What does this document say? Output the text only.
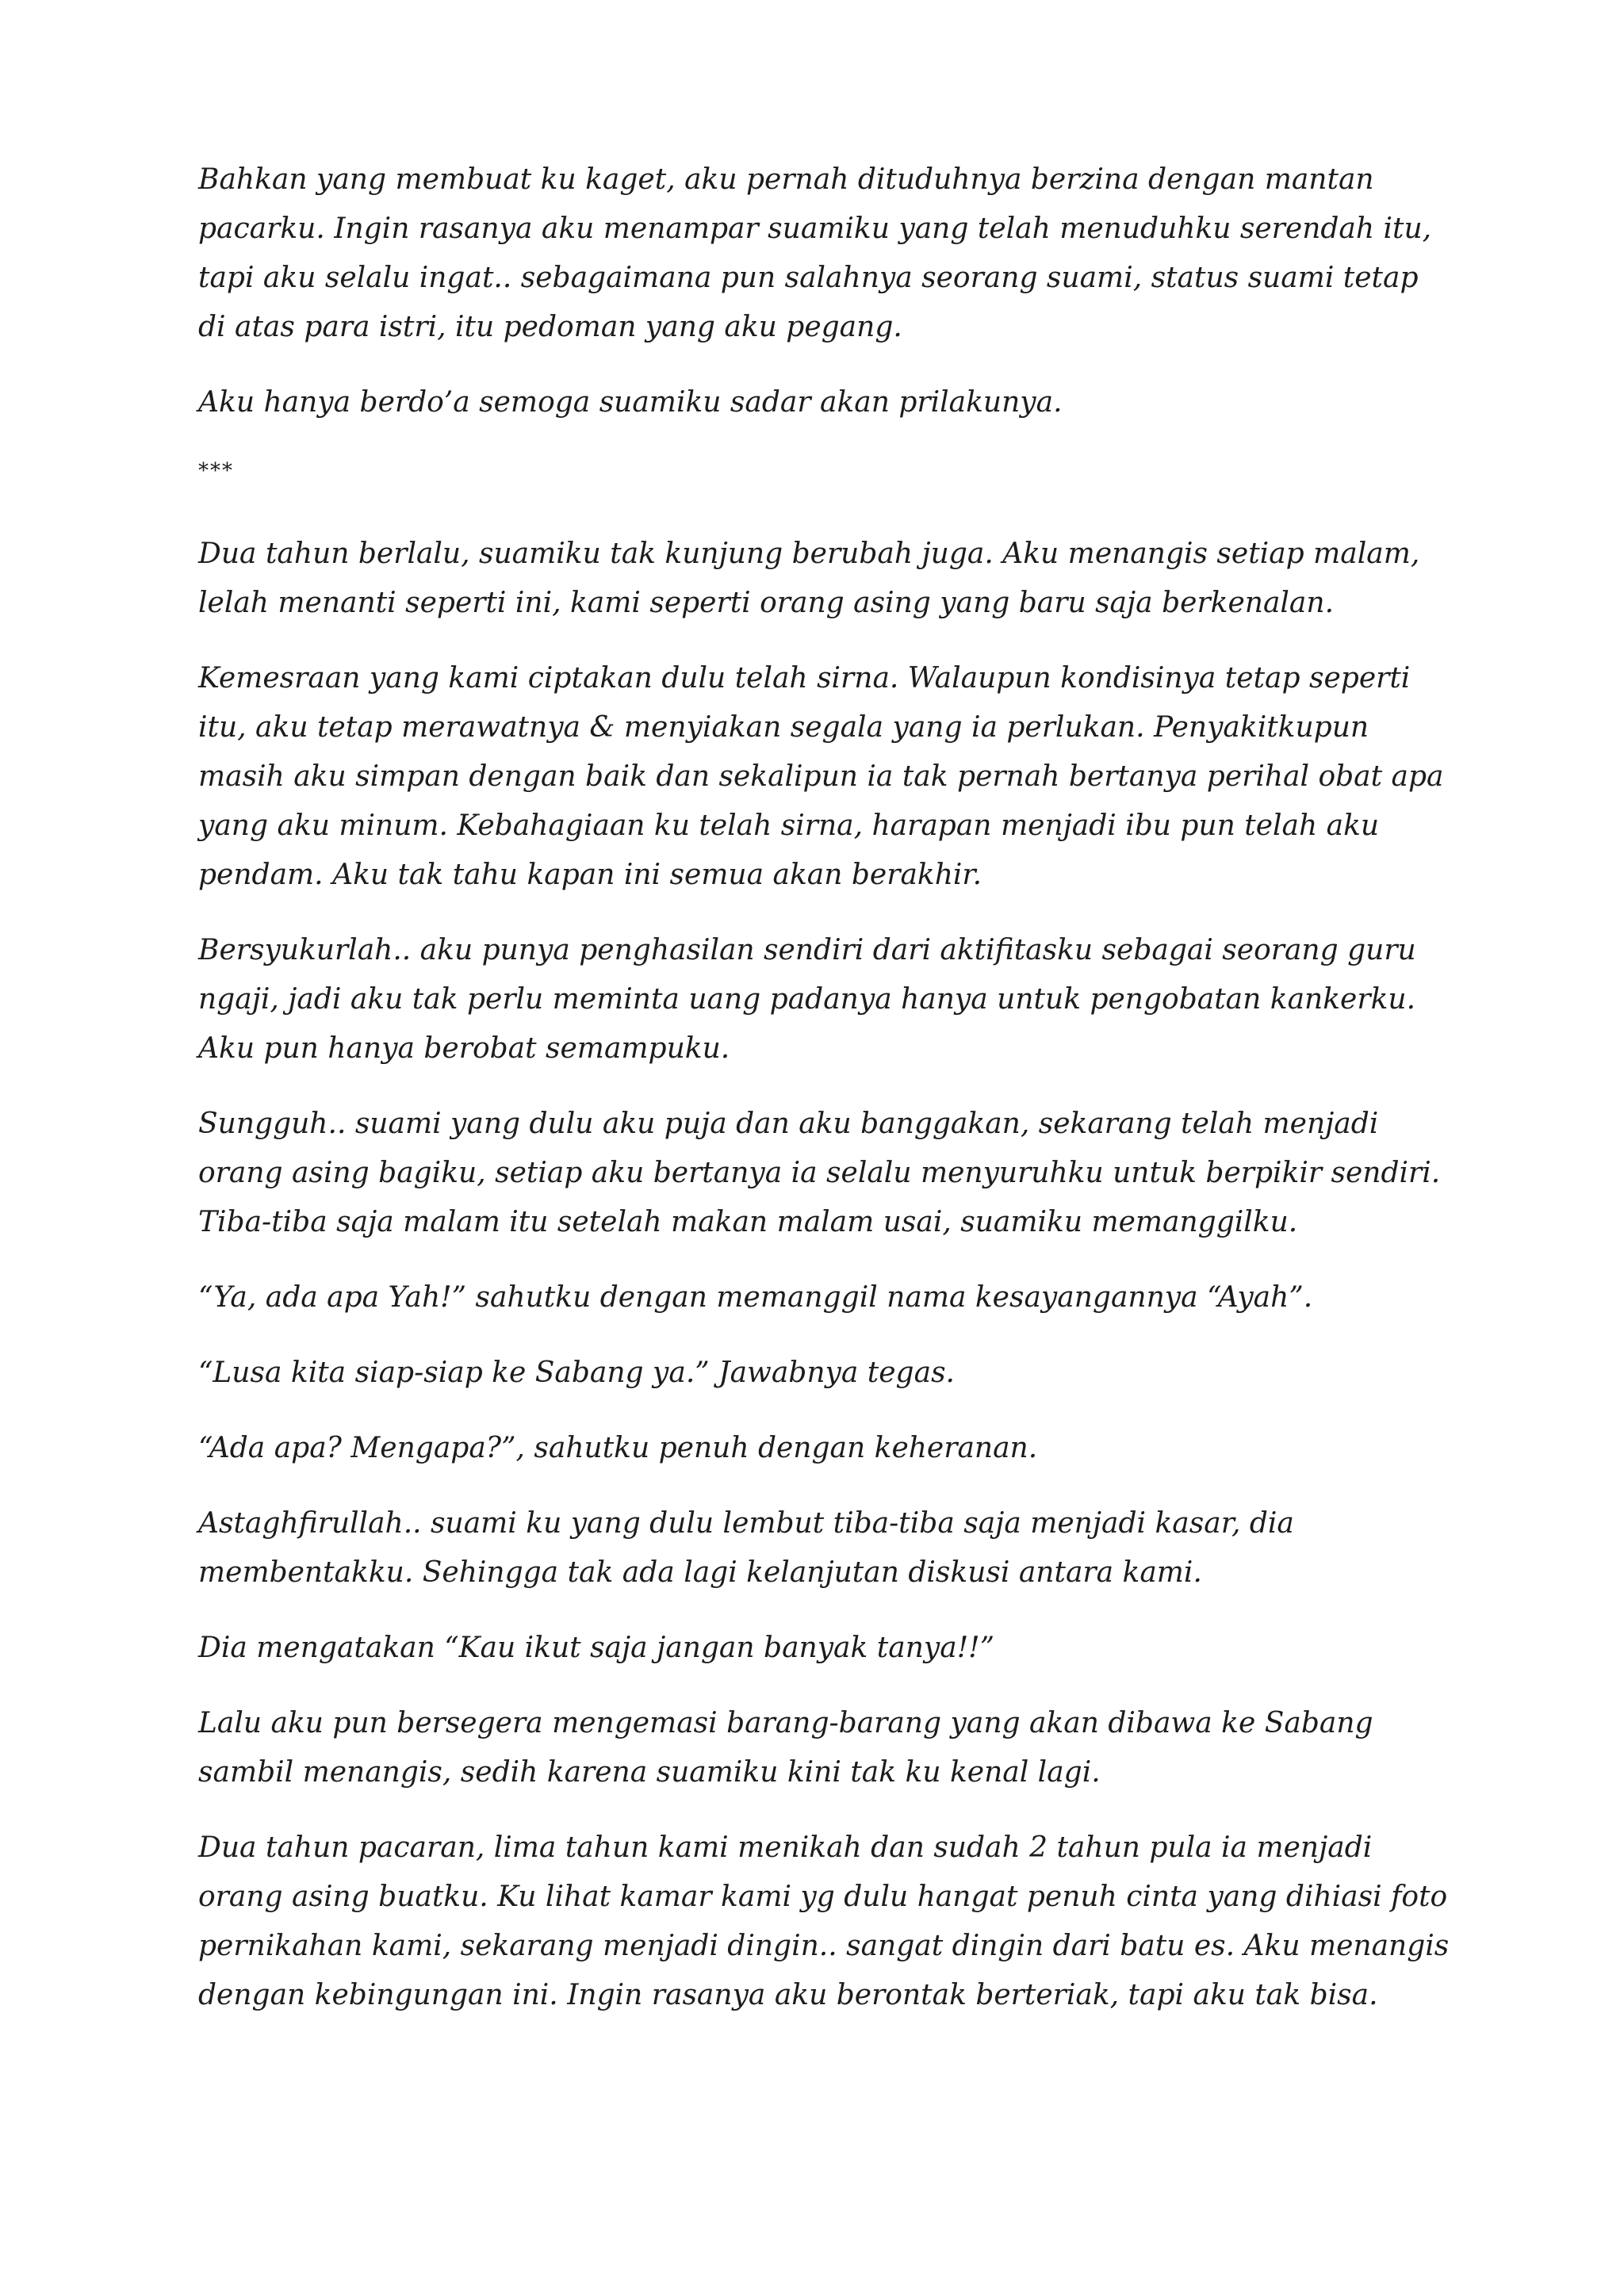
Bahkan yang membuat ku kaget, aku pernah dituduhnya berzina dengan mantan pacarku. Ingin rasanya aku menampar suamiku yang telah menuduhku serendah itu, tapi aku selalu ingat.. sebagaimana pun salahnya seorang suami, status suami tetap di atas para istri, itu pedoman yang aku pegang.

Aku hanya berdo’a semoga suamiku sadar akan prilakunya.

***

Dua tahun berlalu, suamiku tak kunjung berubah juga. Aku menangis setiap malam, lelah menanti seperti ini, kami seperti orang asing yang baru saja berkenalan.

Kemesraan yang kami ciptakan dulu telah sirna. Walaupun kondisinya tetap seperti itu, aku tetap merawatnya & menyiakan segala yang ia perlukan. Penyakitkupun masih aku simpan dengan baik dan sekalipun ia tak pernah bertanya perihal obat apa yang aku minum. Kebahagiaan ku telah sirna, harapan menjadi ibu pun telah aku pendam. Aku tak tahu kapan ini semua akan berakhir.

Bersyukurlah.. aku punya penghasilan sendiri dari aktifitasku sebagai seorang guru ngaji, jadi aku tak perlu meminta uang padanya hanya untuk pengobatan kankerku. Aku pun hanya berobat semampuku.

Sungguh.. suami yang dulu aku puja dan aku banggakan, sekarang telah menjadi orang asing bagiku, setiap aku bertanya ia selalu menyuruhku untuk berpikir sendiri. Tiba-tiba saja malam itu setelah makan malam usai, suamiku memanggilku.

“Ya, ada apa Yah!” sahutku dengan memanggil nama kesayangannya “Ayah”.

“Lusa kita siap-siap ke Sabang ya.” Jawabnya tegas.

“Ada apa? Mengapa?”, sahutku penuh dengan keheranan.

Astaghfirullah.. suami ku yang dulu lembut tiba-tiba saja menjadi kasar, dia membentakku. Sehingga tak ada lagi kelanjutan diskusi antara kami.

Dia mengatakan “Kau ikut saja jangan banyak tanya!!”

Lalu aku pun bersegera mengemasi barang-barang yang akan dibawa ke Sabang sambil menangis, sedih karena suamiku kini tak ku kenal lagi.

Dua tahun pacaran, lima tahun kami menikah dan sudah 2 tahun pula ia menjadi orang asing buatku. Ku lihat kamar kami yg dulu hangat penuh cinta yang dihiasi foto pernikahan kami, sekarang menjadi dingin.. sangat dingin dari batu es. Aku menangis dengan kebingungan ini. Ingin rasanya aku berontak berteriak, tapi aku tak bisa.
